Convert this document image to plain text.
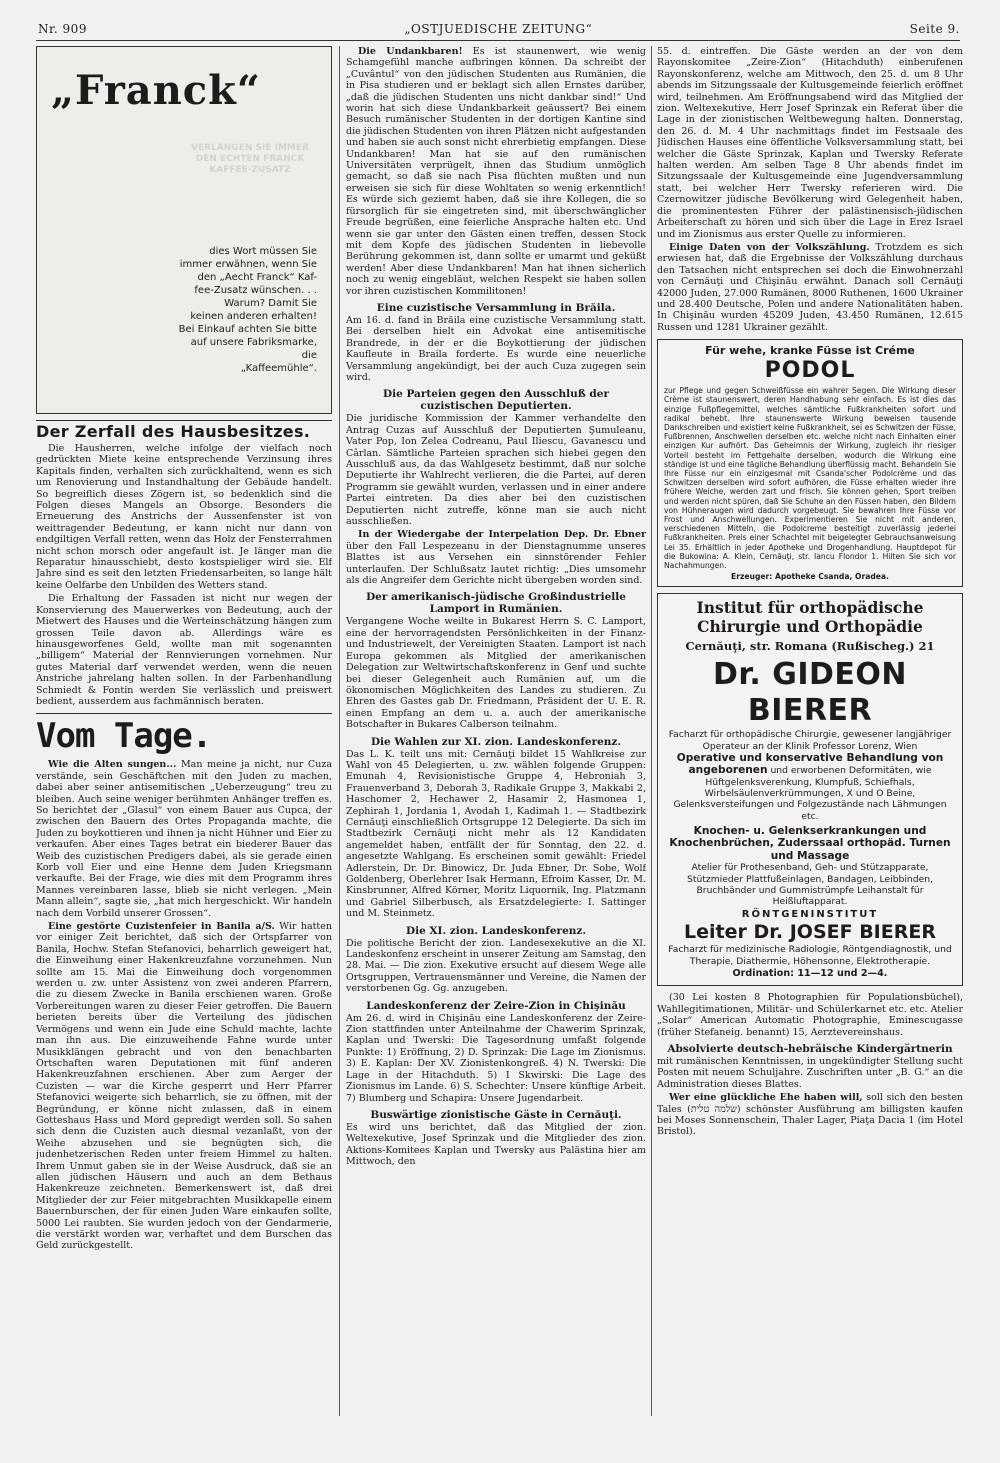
Nr. 909	„OSTJUEDISCHE ZEITUNG“	Seite 9.
„Franck“
VERLANGEN SIE IMMER DEN ECHTEN FRANCK KAFFEE-ZUSATZ
dies Wort müssen Sie
immer erwähnen, wenn Sie
den „Aecht Franck“ Kaf-
fee-Zusatz wünschen. . .
Warum? Damit Sie
keinen anderen erhalten!
Bei Einkauf achten Sie bitte
auf unsere Fabriksmarke, die
„Kaffeemühle“.
Der Zerfall des Hausbesitzes.

Die Hausherren, welche infolge der vielfach noch gedrückten Miete keine entsprechende Verzinsung ihres Kapitals finden, verhalten sich zurückhaltend, wenn es sich um Renovierung und Instandhaltung der Gebäude handelt. So begreiflich dieses Zögern ist, so bedenklich sind die Folgen dieses Mangels an Obsorge. Besonders die Erneuerung des Anstrichs der Aussenfenster ist von weittragender Bedeutung, er kann nicht nur dann von endgiltigen Verfall retten, wenn das Holz der Fensterrahmen nicht schon morsch oder angefault ist. Je länger man die Reparatur hinausschiebt, desto kostspieliger wird sie. Elf Jahre sind es seit den letzten Friedensarbeiten, so lange hält keine Oelfarbe den Unbilden des Wetters stand.

Die Erhaltung der Fassaden ist nicht nur wegen der Konservierung des Mauerwerkes von Bedeutung, auch der Mietwert des Hauses und die Werteinschätzung hängen zum grossen Teile davon ab. Allerdings wäre es hinausgeworfenes Geld, wollte man mit sogenannten „billigem“ Material der Rennvierungen vornehmen. Nur gutes Material darf verwendet werden, wenn die neuen Anstriche jahrelang halten sollen. In der Farbenhandlung Schmiedt & Fontin werden Sie verlässlich und preiswert bedient, ausserdem aus fachmännisch beraten.

Vom Tage.

Wie die Alten sungen... Man meine ja nicht, nur Cuza verstände, sein Geschäftchen mit den Juden zu machen, dabei aber seiner antisemitischen „Ueberzeugung“ treu zu bleiben. Auch seine weniger berühmten Anhänger treffen es. So berichtet der „Glasul“ von einem Bauer aus Cupca, der zwischen den Bauern des Ortes Propaganda machte, die Juden zu boykottieren und ihnen ja nicht Hühner und Eier zu verkaufen. Aber eines Tages betrat ein biederer Bauer das Weib des cuzistischen Predigers dabei, als sie gerade einen Korb voll Eier und eine Henne dem Juden Kriegsmann verkaufte. Bei der Frage, wie dies mit dem Programm ihres Mannes vereinbaren lasse, blieb sie nicht verlegen. „Mein Mann allein“, sagte sie, „hat mich hergeschickt. Wir handeln nach dem Vorbild unserer Grossen“.

Eine gestörte Cuzistenfeier in Banila a/S. Wir hatten vor einiger Zeit berichtet, daß sich der Ortspfarrer von Banila, Hochw. Stefan Stefanovici, beharrlich geweigert hat, die Einweihung einer Hakenkreuzfahne vorzunehmen. Nun sollte am 15. Mai die Einweihung doch vorgenommen werden u. zw. unter Assistenz von zwei anderen Pfarrern, die zu diesem Zwecke in Banila erschienen waren. Große Vorbereitungen waren zu dieser Feier getroffen. Die Bauern berieten bereits über die Verteilung des jüdischen Vermögens und wenn ein Jude eine Schuld machte, lachte man ihn aus. Die einzuweihende Fahne wurde unter Musikklängen gebracht und von den benachbarten Ortschaften waren Deputationen mit fünf anderen Hakenkreuzfahnen erschienen. Aber zum Aerger der Cuzisten — war die Kirche gesperrt und Herr Pfarrer Stefanovici weigerte sich beharrlich, sie zu öffnen, mit der Begründung, er könne nicht zulassen, daß in einem Gotteshaus Hass und Mord gepredigt werden soll. So sahen sich denn die Cuzisten auch diesmal vezanlaßt, von der Weihe abzusehen und sie begnügten sich, die judenhetzerischen Reden unter freiem Himmel zu halten. Ihrem Unmut gaben sie in der Weise Ausdruck, daß sie an allen jüdischen Häusern und auch an dem Bethaus Hakenkreuze zeichneten. Bemerkenswert ist, daß drei Mitglieder der zur Feier mitgebrachten Musikkapelle einem Bauernburschen, der für einen Juden Ware einkaufen sollte, 5000 Lei raubten. Sie wurden jedoch von der Gendarmerie, die verstärkt worden war, verhaftet und dem Burschen das Geld zurückgestellt.

Die Undankbaren! Es ist staunenwert, wie wenig Schamgefühl manche aufbringen können. Da schreibt der „Cuvântul“ von den jüdischen Studenten aus Rumänien, die in Pisa studieren und er beklagt sich allen Ernstes darüber, „daß die jüdischen Studenten uns nicht dankbar sind!“ Und worin hat sich diese Undankbarkeit geäussert? Bei einem Besuch rumänischer Studenten in der dortigen Kantine sind die jüdischen Studenten von ihren Plätzen nicht aufgestanden und haben sie auch sonst nicht ehrerbietig empfangen. Diese Undankbaren! Man hat sie auf den rumänischen Universitäten verprügelt, ihnen das Studium unmöglich gemacht, so daß sie nach Pisa flüchten mußten und nun erweisen sie sich für diese Wohltaten so wenig erkenntlich! Es würde sich geziemt haben, daß sie ihre Kollegen, die so fürsorglich für sie eingetreten sind, mit überschwänglicher Freude begrüßen, eine feierliche Ansprache halten etc. Und wenn sie gar unter den Gästen einen treffen, dessen Stock mit dem Kopfe des jüdischen Studenten in liebevolle Berührung gekommen ist, dann sollte er umarmt und geküßt werden! Aber diese Undankbaren! Man hat ihnen sicherlich noch zu wenig eingebläut, welchen Respekt sie haben sollen vor ihren cuzistischen Kommilitonen!

Eine cuzistische Versammlung in Brăila.

Am 16. d. fand in Brăila eine cuzistische Versammlung statt. Bei derselben hielt ein Advokat eine antisemitische Brandrede, in der er die Boykottierung der jüdischen Kaufleute in Braila forderte. Es wurde eine neuerliche Versammlung angekündigt, bei der auch Cuza zugegen sein wird.

Die Parteien gegen den Ausschluß der cuzistischen Deputierten.

Die juridische Kommission der Kammer verhandelte den Antrag Cuzas auf Ausschluß der Deputierten Şumuleanu, Vater Pop, Ion Zelea Codreanu, Paul Iliescu, Gavanescu und Cârlan. Sämtliche Parteien sprachen sich hiebei gegen den Ausschluß aus, da das Wahlgesetz bestimmt, daß nur solche Deputierte ihr Wahlrecht verlieren, die die Partei, auf deren Programm sie gewählt wurden, verlassen und in einer andere Partei eintreten. Da dies aber bei den cuzistischen Deputierten nicht zutreffe, könne man sie auch nicht ausschließen.

In der Wiedergabe der Interpelation Dep. Dr. Ebner über den Fall Lespezeanu in der Dienstagnumme unseres Blattes ist aus Versehen ein sinnstörender Fehler unterlaufen. Der Schlußsatz lautet richtig: „Dies umsomehr als die Angreifer dem Gerichte nicht übergeben worden sind.

Der amerikanisch-jüdische Großindustrielle Lamport in Rumänien.

Vergangene Woche weilte in Bukarest Herrn S. C. Lamport, eine der hervorragendsten Persönlichkeiten in der Finanz- und Industriewelt, der Vereinigten Staaten. Lamport ist nach Europa gekommen als Mitglied der amerikanischen Delegation zur Weltwirtschaftskonferenz in Genf und suchte bei dieser Gelegenheit auch Rumänien auf, um die ökonomischen Möglichkeiten des Landes zu studieren. Zu Ehren des Gastes gab Dr. Friedmann, Präsident der U. E. R. einen Empfang an dem u. a. auch der amerikanische Botschafter in Bukares Calberson teilnahm.

Die Wahlen zur XI. zion. Landeskonferenz.

Das L. K. teilt uns mit: Cernăuţi bildet 15 Wahlkreise zur Wahl von 45 Delegierten, u. zw. wählen folgende Gruppen: Emunah 4, Revisionistische Gruppe 4, Hebroniah 3, Frauenverband 3, Deborah 3, Radikale Gruppe 3, Makkabi 2, Haschomer 2, Hechawer 2, Hasamir 2, Hasmonea 1, Zephirah 1, Jordania 1, Avodah 1, Kadimah 1. — Stadtbezirk Cernăuţi einschließlich Ortsgruppe 12 Delegierte. Da sich im Stadtbezirk Cernăuţi nicht mehr als 12 Kandidaten angemeldet haben, entfällt der für Sonntag, den 22. d. angesetzte Wahlgang. Es erscheinen somit gewählt: Friedel Adlerstein, Dr. Dr. Binowicz, Dr. Juda Ebner, Dr. Sobe, Wolf Goldenberg, Oberlehrer Isak Hermann, Efroim Kasser, Dr. M. Kinsbrunner, Alfred Körner, Moritz Liquornik, Ing. Platzmann und Gabriel Silberbusch, als Ersatzdelegierte: I. Sattinger und M. Steinmetz.

Die XI. zion. Landeskonferenz.

Die politische Bericht der zion. Landesexekutive an die XI. Landeskonfenz erscheint in unserer Zeitung am Samstag, den 28. Mai. — Die zion. Exekutive ersucht auf diesem Wege alle Ortsgruppen, Vertrauensmänner und Vereine, die Namen der verstorbenen Gg. Gg. anzugeben.

Landeskonferenz der Zeire-Zion in Chişinău

Am 26. d. wird in Chişinău eine Landeskonferenz der Zeire-Zion stattfinden unter Anteilnahme der Chawerim Sprinzak, Kaplan und Twerski: Die Tagesordnung umfaßt folgende Punkte: 1) Eröffnung, 2) D. Sprinzak: Die Lage im Zionismus. 3) E. Kaplan: Der XV. Zionistenkongreß. 4) N. Twerski: Die Lage in der Hitachduth. 5) I Skwirski: Die Lage des Zionismus im Lande. 6) S. Schechter: Unsere künftige Arbeit. 7) Blumberg und Schapira: Unsere Jugendarbeit.

Buswärtige zionistische Gäste in Cernăuţi.

Es wird uns berichtet, daß das Mitglied der zion. Weltexekutive, Josef Sprinzak und die Mitglieder des zion. Aktions-Komitees Kaplan und Twersky aus Palästina hier am Mittwoch, den

55. d. eintreffen. Die Gäste werden an der von dem Rayonskomitee „Zeire-Zion“ (Hitachduth) einberufenen Rayonskonferenz, welche am Mittwoch, den 25. d. um 8 Uhr abends im Sitzungssaale der Kultusgemeinde feierlich eröffnet wird, teilnehmen. Am Eröffnungsabend wird das Mitglied der zion. Weltexekutive, Herr Josef Sprinzak ein Referat über die Lage in der zionistischen Weltbewegung halten. Donnerstag, den 26. d. M. 4 Uhr nachmittags findet im Festsaale des Jüdischen Hauses eine öffentliche Volksversammlung statt, bei welcher die Gäste Sprinzak, Kaplan und Twersky Referate halten werden. Am selben Tage 8 Uhr abends findet im Sitzungssaale der Kultusgemeinde eine Jugendversammlung statt, bei welcher Herr Twersky referieren wird. Die Czernowitzer jüdische Bevölkerung wird Gelegenheit haben, die prominentesten Führer der palästinensisch-jüdischen Arbeiterschaft zu hören und sich über die Lage in Erez Israel und im Zionismus aus erster Quelle zu informieren.

Einige Daten von der Volkszählung. Trotzdem es sich erwiesen hat, daß die Ergebnisse der Volkszählung durchaus den Tatsachen nicht entsprechen sei doch die Einwohnerzahl von Cernăuţi und Chişinău erwähnt. Danach soll Cernăuţi 42000 Juden, 27.000 Rumänen, 8000 Ruthenen, 1600 Ukrainer und 28.400 Deutsche, Polen und andere Nationalitäten haben. In Chişinău wurden 45209 Juden, 43.450 Rumänen, 12.615 Russen und 1281 Ukrainer gezählt.

Für wehe, kranke Füsse ist Créme
PODOL
zur Pflege und gegen Schweißfüsse ein wahrer Segen. Die Wirkung dieser Crème ist staunenswert, deren Handhabung sehr einfach. Es ist dies das einzige Fußpflegemittel, welches sämtliche Fußkrankheiten sofort und radikal behebt. Ihre staunenswerte Wirkung beweisen tausende Dankschreiben und existiert keine Fußkrankheit, sei es Schwitzen der Füsse, Fußbrennen, Anschwellen derselben etc. welche nicht nach Einhalten einer einzigen Kur aufhört. Das Geheimnis der Wirkung, zugleich ihr riesiger Vorteil besteht im Fettgehalte derselben, wodurch die Wirkung eine ständige ist und eine tägliche Behandlung überflüssig macht. Behandeln Sie Ihre Füsse nur ein einzigesmal mit Csanda'scher Podolcrème und das Schwitzen derselben wird sofort aufhören, die Füsse erhalten wieder ihre frühere Weiche, werden zart und frisch. Sie können gehen, Sport treiben und werden nicht spüren, daß Sie Schuhe an den Füssen haben, den Bildern von Hühneraugen wird dadurch vorgebeugt. Sie bewahren Ihre Füsse vor Frost und Anschwellungen. Experimentieren Sie nicht mit anderen, verschiedenen Mitteln, die Podolcreme besteitigt zuverlässig jederlei Fußkrankheiten. Preis einer Schachtel mit beigelegter Gebrauchsanweisung Lei 35. Erhältlich in jeder Apotheke und Drogenhandlung. Hauptdepot für die Bukowina: A. Klein, Cernăuţi, str. Iancu Flondor 1. Hilten Sie sich vor Nachahmungen.
Erzeuger: Apotheke Csanda, Oradea.
Institut für orthopädische
Chirurgie und Orthopädie
Cernăuţi, str. Romana (Rußischeg.) 21
Dr. GIDEON BIERER
Facharzt für orthopädische Chirurgie, gewesener langjähriger Operateur an der Klinik Professor Lorenz, Wien
Operative und konservative Behandlung von angeborenen und erworbenen Deformitäten, wie Hüftgelenksverenkung, Klumpfuß, Schiefhals, Wirbelsäulenverkrümmungen, X und O Beine, Gelenksversteifungen und Folgezustände nach Lähmungen etc.
Knochen- u. Gelenkserkrankungen und Knochenbrüchen, Zuderssaal orthopäd. Turnen und Massage
Atelier für Prothesenband, Geh- und Stützapparate, Stützmieder Plattfußeinlagen, Bandagen, Leibbinden, Bruchbänder und Gummistrümpfe Leihanstalt für Heißluftapparat.
RÖNTGENINSTITUT
Leiter Dr. JOSEF BIERER
Facharzt für medizinische Radiologie, Röntgendiagnostik, und Therapie, Diathermie, Höhensonne, Elektrotherapie.
Ordination: 11—12 und 2—4.

(30 Lei kosten 8 Photographien für Populationsbüchel), Wahllegitimationen, Militär- und Schülerkarnet etc. etc. Atelier „Solar“ American Automatic Photographie, Eminescugasse (früher Stefaneig. benannt) 15, Aerztevereinshaus.

Absolvierte deutsch-hebräische Kindergärtnerin

mit rumänischen Kenntnissen, in ungekündigter Stellung sucht Posten mit neuem Schuljahre. Zuschriften unter „B. G.“ an die Administration dieses Blattes.

Wer eine glückliche Ehe haben will, soll sich den besten Tales (שלמה טלית) schönster Ausführung am billigsten kaufen bei Moses Sonnenschein, Thaler Lager, Piaţa Dacia 1 (im Hotel Bristol).
